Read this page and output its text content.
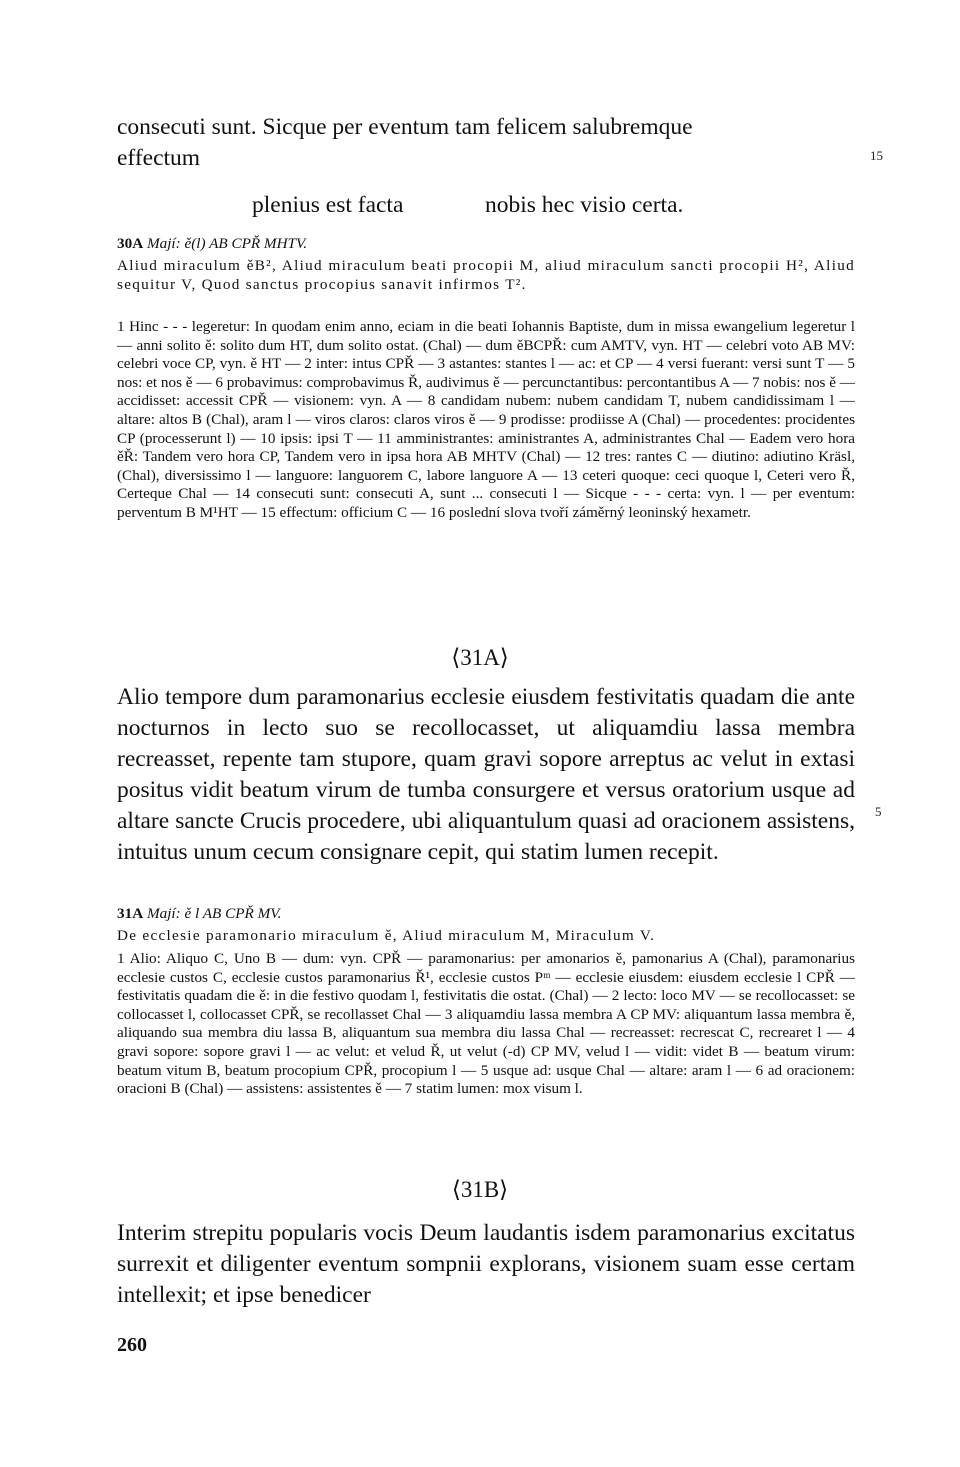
consecuti sunt. Sicque per eventum tam felicem salubremque
effectum	15
plenius est facta	nobis hec visio certa.
30A Mají: ě(l) AB CPŘ MHTV.
Aliud miraculum ěB², Aliud miraculum beati procopii M, aliud miraculum sancti procopii H², Aliud sequitur V, Quod sanctus procopius sanavit infirmos T².
1 Hinc - - - legeretur: In quodam enim anno, eciam in die beati Iohannis Baptiste, dum in missa ewangelium legeretur l — anni solito ě: solito dum HT, dum solito ostat. (Chal) — dum ěBCPŘ: cum AMTV, vyn. HT — celebri voto AB MV: celebri voce CP, vyn. ě HT — 2 inter: intus CPŘ — 3 astantes: stantes l — ac: et CP — 4 versi fuerant: versi sunt T — 5 nos: et nos ě — 6 probavimus: comprobavimus Ř, audivimus ě — percunctantibus: percontantibus A — 7 nobis: nos ě — accidisset: accessit CPŘ — visionem: vyn. A — 8 candidam nubem: nubem candidam T, nubem candidissimam l — altare: altos B (Chal), aram l — viros claros: claros viros ě — 9 prodisse: prodiisse A (Chal) — procedentes: procidentes CP (processerunt l) — 10 ipsis: ipsi T — 11 amministrantes: aministrantes A, administrantes Chal — Eadem vero hora ěŘ: Tandem vero hora CP, Tandem vero in ipsa hora AB MHTV (Chal) — 12 tres: rantes C — diutino: adiutino Kräsl, (Chal), diversissimo l — languore: languorem C, labore languore A — 13 ceteri quoque: ceci quoque l, Ceteri vero Ř, Certeque Chal — 14 consecuti sunt: consecuti A, sunt ... consecuti l — Sicque - - - certa: vyn. l — per eventum: perventum B M¹HT — 15 effectum: officium C — 16 poslední slova tvoří záměrný leoninský hexametr.
⟨31A⟩
Alio tempore dum paramonarius ecclesie eiusdem festivitatis quadam die ante nocturnos in lecto suo se recollocasset, ut aliquamdiu lassa membra recreasset, repente tam stupore, quam gravi sopore arreptus ac velut in extasi positus vidit beatum virum de tumba consurgere et versus oratorium usque ad altare sancte Crucis procedere, ubi aliquantulum quasi ad oracionem assistens, intuitus unum cecum consignare cepit, qui statim lumen recepit.
5
31A Mají: ě l AB CPŘ MV.
De ecclesie paramonario miraculum ě, Aliud miraculum M, Miraculum V.
1 Alio: Aliquo C, Uno B — dum: vyn. CPŘ — paramonarius: per amonarios ě, pamonarius A (Chal), paramonarius ecclesie custos C, ecclesie custos paramonarius Ř¹, ecclesie custos Pᵐ — ecclesie eiusdem: eiusdem ecclesie l CPŘ — festivitatis quadam die ě: in die festivo quodam l, festivitatis die ostat. (Chal) — 2 lecto: loco MV — se recollocasset: se collocasset l, collocasset CPŘ, se recollasset Chal — 3 aliquamdiu lassa membra A CP MV: aliquantum lassa membra ě, aliquando sua membra diu lassa B, aliquantum sua membra diu lassa Chal — recreasset: recrescat C, recrearet l — 4 gravi sopore: sopore gravi l — ac velut: et velud Ř, ut velut (-d) CP MV, velud l — vidit: videt B — beatum virum: beatum vitum B, beatum procopium CPŘ, procopium l — 5 usque ad: usque Chal — altare: aram l — 6 ad oracionem: oracioni B (Chal) — assistens: assistentes ě — 7 statim lumen: mox visum l.
⟨31B⟩
Interim strepitu popularis vocis Deum laudantis isdem paramonarius excitatus surrexit et diligenter eventum sompnii explorans, visionem suam esse certam intellexit; et ipse benedicer
260
